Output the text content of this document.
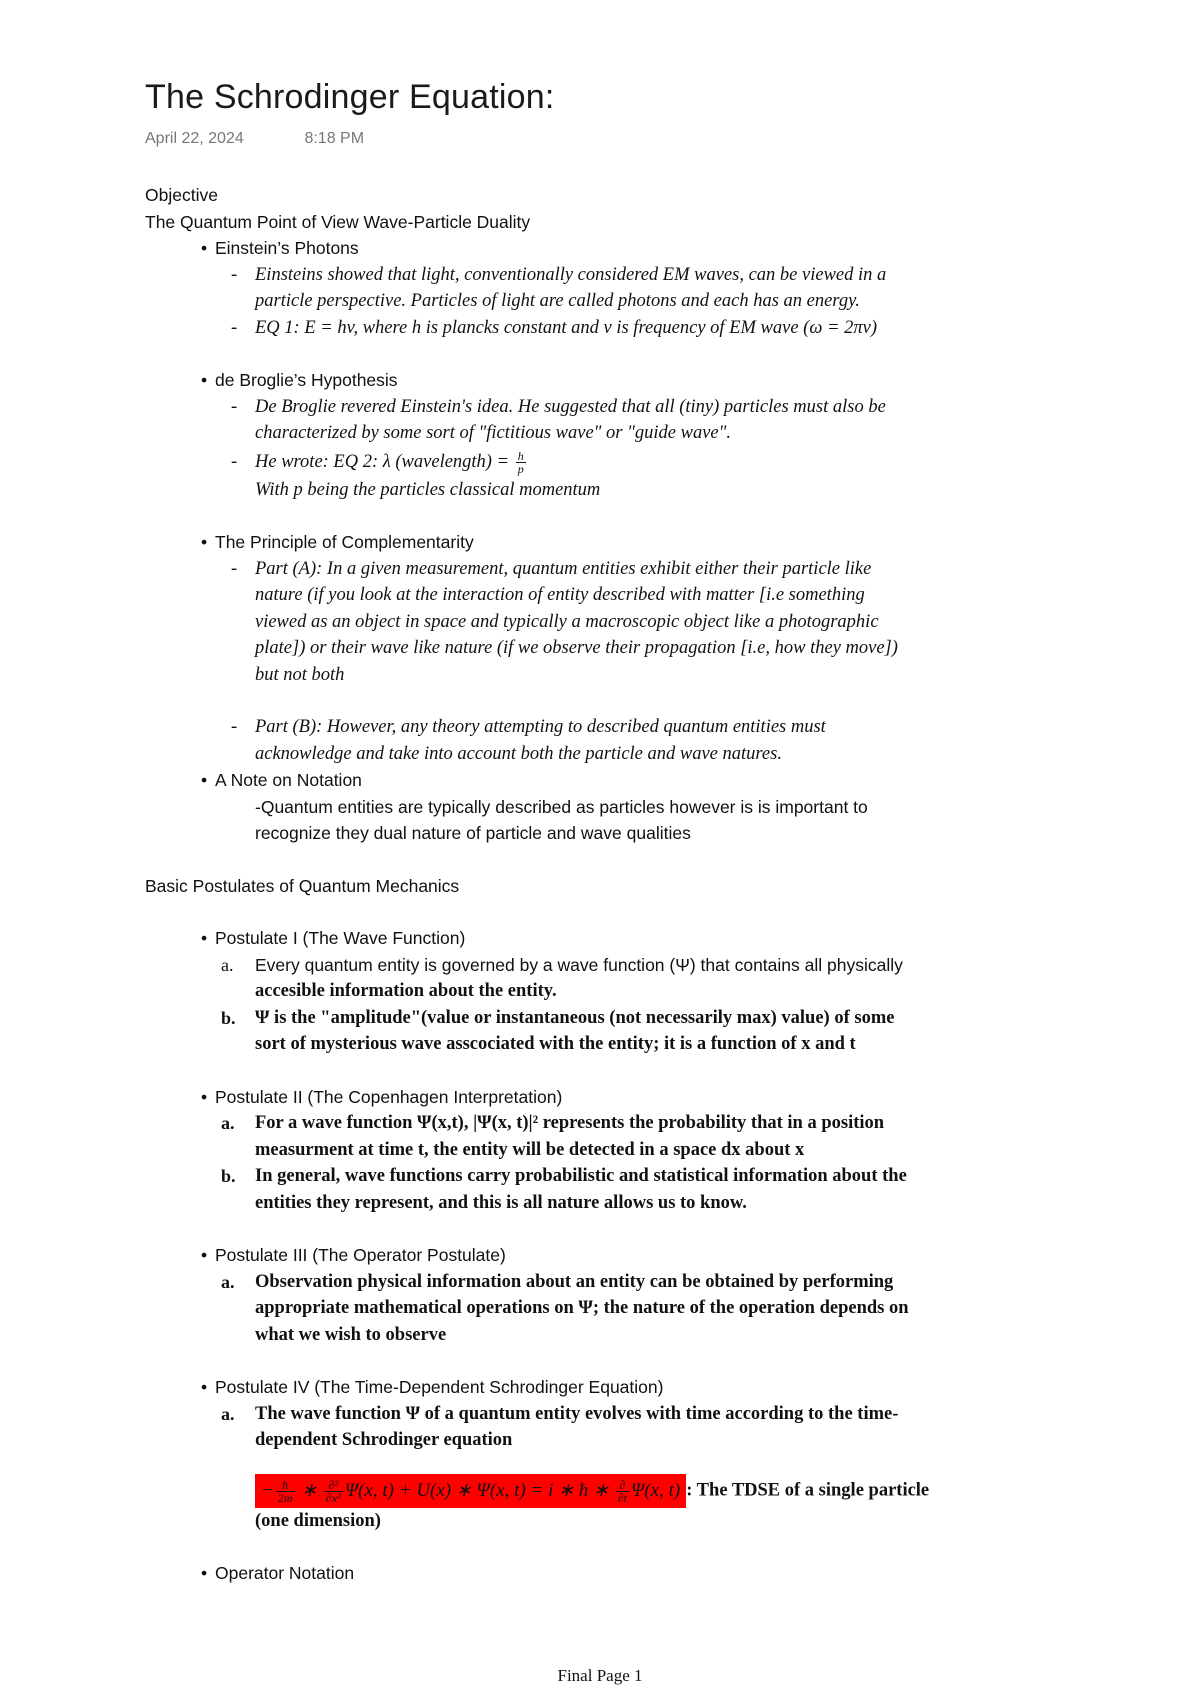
The Schrodinger Equation:
April 22, 2024	8:18 PM
Objective
The Quantum Point of View Wave-Particle Duality
• Einstein’s Photons
- Einsteins showed that light, conventionally considered EM waves, can be viewed in a
particle perspective. Particles of light are called photons and each has an energy.
- EQ 1: E = hv, where h is plancks constant and v is frequency of EM wave (ω = 2πv)
• de Broglie’s Hypothesis
- De Broglie revered Einstein's idea. He suggested that all (tiny) particles must also be
characterized by some sort of "fictitious wave" or "guide wave".
- He wrote: EQ 2: λ (wavelength) = $\frac{h}{p}$
With p being the particles classical momentum
• The Principle of Complementarity
- Part (A): In a given measurement, quantum entities exhibit either their particle like
nature (if you look at the interaction of entity described with matter [i.e something
viewed as an object in space and typically a macroscopic object like a photographic
plate]) or their wave like nature (if we observe their propagation [i.e, how they move])
but not both
- Part (B): However, any theory attempting to described quantum entities must
acknowledge and take into account both the particle and wave natures.
• A Note on Notation
-Quantum entities are typically described as particles however is is important to
recognize they dual nature of particle and wave qualities
Basic Postulates of Quantum Mechanics
• Postulate I (The Wave Function)
a. Every quantum entity is governed by a wave function (Ψ) that contains all physically
accesible information about the entity.
b. Ψ is the "amplitude"(value or instantaneous (not necessarily max) value) of some
sort of mysterious wave asscociated with the entity; it is a function of x and t
• Postulate II (The Copenhagen Interpretation)
a. For a wave function Ψ(x,t), |Ψ(x, t)|² represents the probability that in a position
measurment at time t, the entity will be detected in a space dx about x
b. In general, wave functions carry probabilistic and statistical information about the
entities they represent, and this is all nature allows us to know.
• Postulate III (The Operator Postulate)
a. Observation physical information about an entity can be obtained by performing
appropriate mathematical operations on Ψ; the nature of the operation depends on
what we wish to observe
• Postulate IV (The Time-Dependent Schrodinger Equation)
a. The wave function Ψ of a quantum entity evolves with time according to the time-
dependent Schrodinger equation
− $\frac{ħ}{2m}$ ∗ $\frac{\text{∂²}}{\text{∂x²}} \Psi(x$, t) + U(x) ∗ Ψ(x, t) = i ∗ ħ ∗ $\frac{\partial}{\partial t} \Psi(x$, t) : The TDSE of a single particle
(one dimension)
• Operator Notation
Final Page 1
